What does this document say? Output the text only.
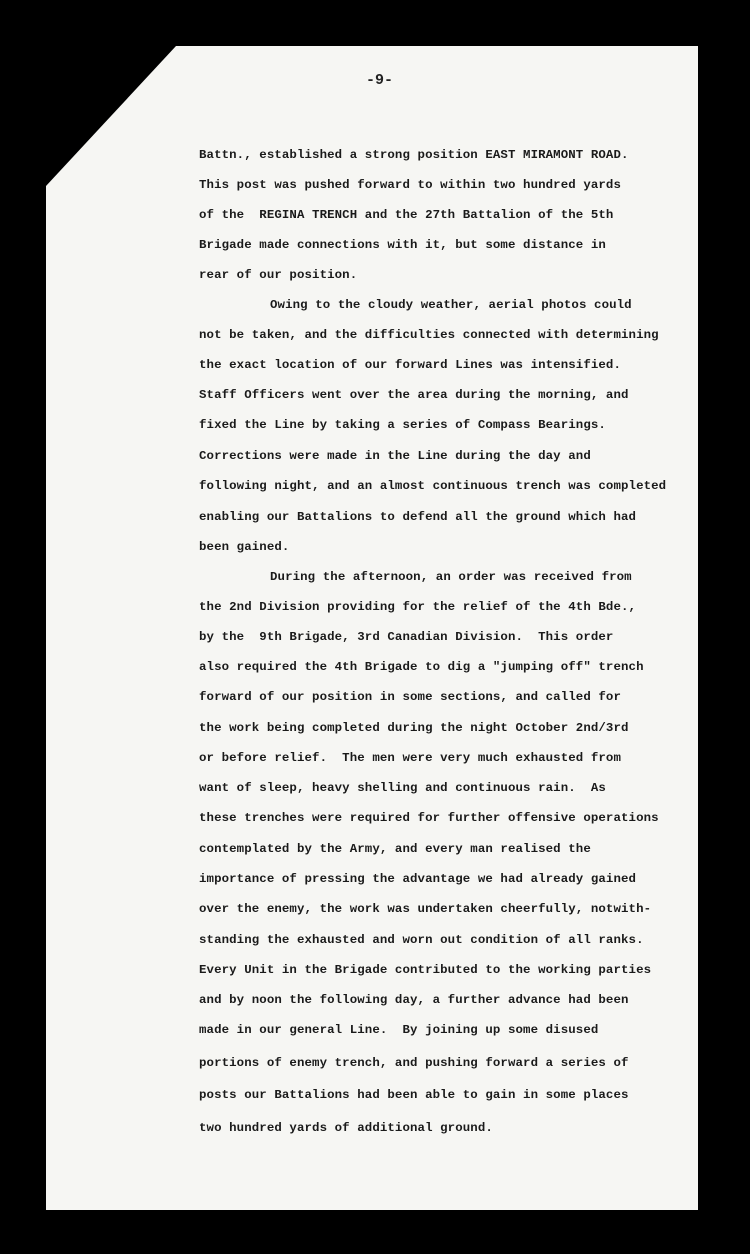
-9-
Battn., established a strong position EAST MIRAMONT ROAD.
This post was pushed forward to within two hundred yards
of the  REGINA TRENCH and the 27th Battalion of the 5th
Brigade made connections with it, but some distance in
rear of our position.
Owing to the cloudy weather, aerial photos could
not be taken, and the difficulties connected with determining
the exact location of our forward Lines was intensified.
Staff Officers went over the area during the morning, and
fixed the Line by taking a series of Compass Bearings.
Corrections were made in the Line during the day and
following night, and an almost continuous trench was completed
enabling our Battalions to defend all the ground which had
been gained.
During the afternoon, an order was received from
the 2nd Division providing for the relief of the 4th Bde.,
by the  9th Brigade, 3rd Canadian Division.  This order
also required the 4th Brigade to dig a "jumping off" trench
forward of our position in some sections, and called for
the work being completed during the night October 2nd/3rd
or before relief.  The men were very much exhausted from
want of sleep, heavy shelling and continuous rain.  As
these trenches were required for further offensive operations
contemplated by the Army, and every man realised the
importance of pressing the advantage we had already gained
over the enemy, the work was undertaken cheerfully, notwith-
standing the exhausted and worn out condition of all ranks.
Every Unit in the Brigade contributed to the working parties
and by noon the following day, a further advance had been
made in our general Line.  By joining up some disused
portions of enemy trench, and pushing forward a series of
posts our Battalions had been able to gain in some places
two hundred yards of additional ground.
